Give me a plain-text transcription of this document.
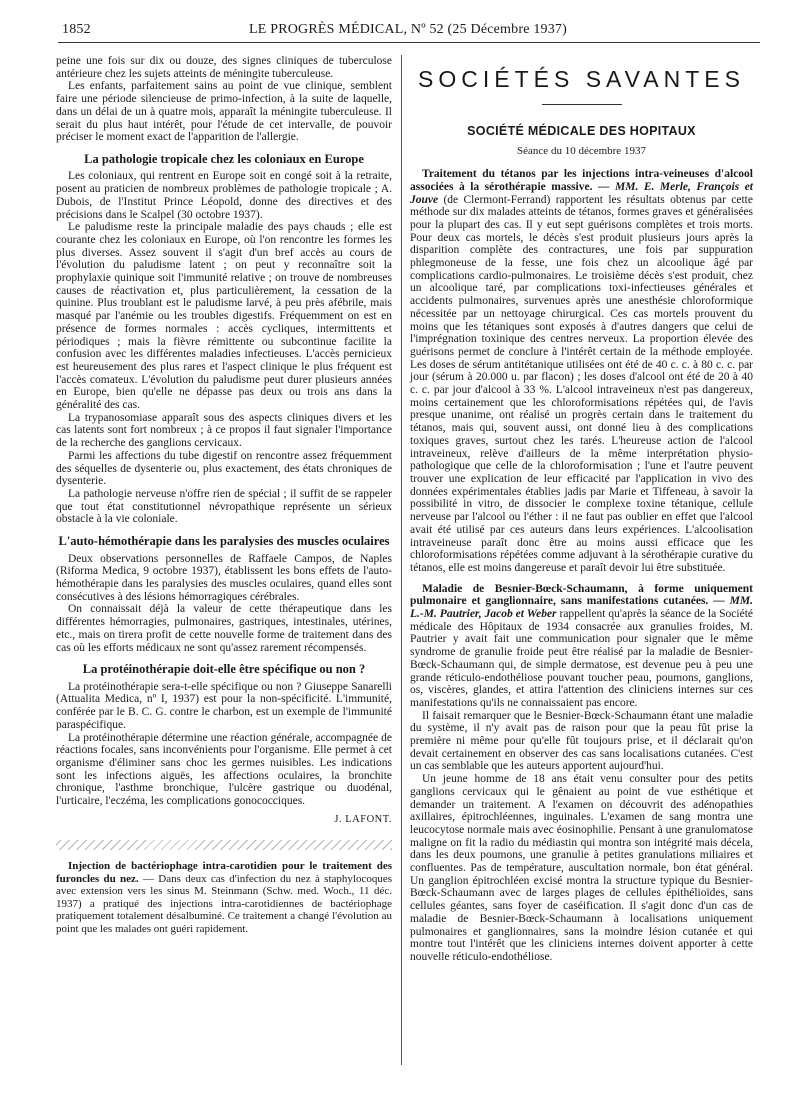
1852	LE PROGRÈS MÉDICAL, Nº 52 (25 Décembre 1937)

peine une fois sur dix ou douze, des signes cliniques de tuberculose antérieure chez les sujets atteints de méningite tuberculeuse.

Les enfants, parfaitement sains au point de vue clinique, semblent faire une période silencieuse de primo-infection, à la suite de laquelle, dans un délai de un à quatre mois, apparaît la méningite tuberculeuse. Il serait du plus haut intérêt, pour l'étude de cet intervalle, de pouvoir préciser le moment exact de l'apparition de l'allergie.

La pathologie tropicale chez les coloniaux en Europe

Les coloniaux, qui rentrent en Europe soit en congé soit à la retraite, posent au praticien de nombreux problèmes de pathologie tropicale ; A. Dubois, de l'Institut Prince Léopold, donne des directives et des précisions dans le Scalpel (30 octobre 1937).

Le paludisme reste la principale maladie des pays chauds ; elle est courante chez les coloniaux en Europe, où l'on rencontre les formes les plus diverses. Assez souvent il s'agit d'un bref accès au cours de l'évolution du paludisme latent ; on peut y reconnaître soit la prophylaxie quinique soit l'immunité relative ; on trouve de nombreuses causes de réactivation et, plus particulièrement, la cessation de la quinine. Plus troublant est le paludisme larvé, à peu près afébrile, mais masqué par l'anémie ou les troubles digestifs. Fréquemment on est en présence de formes normales : accès cycliques, intermittents et périodiques ; mais la fièvre rémittente ou subcontinue facilite la confusion avec les différentes maladies infectieuses. L'accès pernicieux est heureusement des plus rares et l'aspect clinique le plus fréquent est l'accès comateux. L'évolution du paludisme peut durer plusieurs années en Europe, bien qu'elle ne dépasse pas deux ou trois ans dans la généralité des cas.

La trypanosomiase apparaît sous des aspects cliniques divers et les cas latents sont fort nombreux ; à ce propos il faut signaler l'importance de la recherche des ganglions cervicaux.

Parmi les affections du tube digestif on rencontre assez fréquemment des séquelles de dysenterie ou, plus exactement, des états chroniques de dysenterie.

La pathologie nerveuse n'offre rien de spécial ; il suffit de se rappeler que tout état constitutionnel névropathique représente un sérieux obstacle à la vie coloniale.

L'auto-hémothérapie dans les paralysies des muscles oculaires

Deux observations personnelles de Raffaele Campos, de Naples (Riforma Medica, 9 octobre 1937), établissent les bons effets de l'auto-hémothérapie dans les paralysies des muscles oculaires, quand elles sont consécutives à des lésions hémorragiques cérébrales.

On connaissait déjà la valeur de cette thérapeutique dans les différentes hémorragies, pulmonaires, gastriques, intestinales, utérines, etc., mais on tirera profit de cette nouvelle forme de traitement dans des cas où les efforts médicaux ne sont qu'assez rarement récompensés.

La protéinothérapie doit-elle être spécifique ou non ?

La protéinothérapie sera-t-elle spécifique ou non ? Giuseppe Sanarelli (Attualita Medica, nº I, 1937) est pour la non-spécificité. L'immunité, conférée par le B. C. G. contre le charbon, est un exemple de l'immunité paraspécifique.

La protéinothérapie détermine une réaction générale, accompagnée de réactions focales, sans inconvénients pour l'organisme. Elle permet à cet organisme d'éliminer sans choc les germes nuisibles. Les indications sont les infections aiguës, les affections oculaires, la bronchite chronique, l'asthme bronchique, l'ulcère gastrique ou duodénal, l'urticaire, l'eczéma, les complications gonococciques.

J. LAFONT.

Injection de bactériophage intra-carotidien pour le traitement des furoncles du nez. — Dans deux cas d'infection du nez à staphylocoques avec extension vers les sinus M. Steinmann (Schw. med. Woch., 11 déc. 1937) a pratiqué des injections intra-carotidiennes de bactériophage pratiquement totalement désalbuminé. Ce traitement a changé l'évolution au point que les malades ont guéri rapidement.

SOCIÉTÉS SAVANTES
SOCIÉTÉ MÉDICALE DES HOPITAUX
Séance du 10 décembre 1937

Traitement du tétanos par les injections intra-veineuses d'alcool associées à la sérothérapie massive. — MM. E. Merle, François et Jouve (de Clermont-Ferrand) rapportent les résultats obtenus par cette méthode sur dix malades atteints de tétanos, formes graves et généralisées pour la plupart des cas. Il y eut sept guérisons complètes et trois morts. Pour deux cas mortels, le décès s'est produit plusieurs jours après la disparition complète des contractures, une fois par suppuration phlegmoneuse de la fesse, une fois chez un alcoolique âgé par complications cardio-pulmonaires. Le troisième décès s'est produit, chez un alcoolique taré, par complications toxi-infectieuses générales et accidents pulmonaires, survenues après une anesthésie chloroformique nécessitée par un nettoyage chirurgical. Ces cas mortels prouvent du moins que les tétaniques sont exposés à d'autres dangers que celui de l'imprégnation toxinique des centres nerveux. La proportion élevée des guérisons permet de conclure à l'intérêt certain de la méthode employée. Les doses de sérum antitétanique utilisées ont été de 40 c. c. à 80 c. c. par jour (sérum à 20.000 u. par flacon) ; les doses d'alcool ont été de 20 à 40 c. c. par jour d'alcool à 33 %. L'alcool intraveineux n'est pas dangereux, moins certainement que les chloroformisations répétées qui, de l'avis presque unanime, ont réalisé un progrès certain dans le traitement du tétanos, mais qui, souvent aussi, ont donné lieu à des complications toxiques graves, surtout chez les tarés. L'heureuse action de l'alcool intraveineux, relève d'ailleurs de la même interprétation physio-pathologique que celle de la chloroformisation ; l'une et l'autre peuvent trouver une explication de leur efficacité par l'application in vivo des données expérimentales établies jadis par Marie et Tiffeneau, à savoir la possibilité in vitro, de dissocier le complexe toxine tétanique, cellule nerveuse par l'alcool ou l'éther : il ne faut pas oublier en effet que l'alcool avait été utilisé par ces auteurs dans leurs expériences. L'alcoolisation intraveineuse paraît donc être au moins aussi efficace que les chloroformisations répétées comme adjuvant à la sérothérapie curative du tétanos, elle est moins dangereuse et paraît devoir lui être substituée.

Maladie de Besnier-Bœck-Schaumann, à forme uniquement pulmonaire et ganglionnaire, sans manifestations cutanées. — MM. L.-M. Pautrier, Jacob et Weber rappellent qu'après la séance de la Société médicale des Hôpitaux de 1934 consacrée aux granulies froides, M. Pautrier y avait fait une communication pour signaler que le même syndrome de granulie froide peut être réalisé par la maladie de Besnier-Bœck-Schaumann qui, de simple dermatose, est devenue peu à peu une grande réticulo-endothéliose pouvant toucher peau, poumons, ganglions, os, viscères, glandes, et attira l'attention des cliniciens internes sur ces manifestations qu'ils ne connaissaient pas encore.

Il faisait remarquer que le Besnier-Bœck-Schaumann étant une maladie du système, il n'y avait pas de raison pour que la peau fût prise la première ni même pour qu'elle fût toujours prise, et il déclarait qu'on devait certainement en observer des cas sans localisations cutanées. C'est un cas semblable que les auteurs apportent aujourd'hui.

Un jeune homme de 18 ans était venu consulter pour des petits ganglions cervicaux qui le gênaient au point de vue esthétique et demander un traitement. A l'examen on découvrit des adénopathies axillaires, épitrochléennes, inguinales. L'examen de sang montra une leucocytose normale mais avec éosinophilie. Pensant à une granulomatose maligne on fit la radio du médiastin qui montra son intégrité mais décela, dans les deux poumons, une granulie à petites granulations miliaires et confluentes. Pas de température, auscultation normale, bon état général. Un ganglion épitrochléen excisé montra la structure typique du Besnier-Bœck-Schaumann avec de larges plages de cellules épithélioïdes, sans cellules géantes, sans foyer de caséification. Il s'agit donc d'un cas de maladie de Besnier-Bœck-Schaumann à localisations uniquement pulmonaires et ganglionnaires, sans la moindre lésion cutanée et qui montre tout l'intérêt que les cliniciens internes doivent apporter à cette nouvelle réticulo-endothéliose.
